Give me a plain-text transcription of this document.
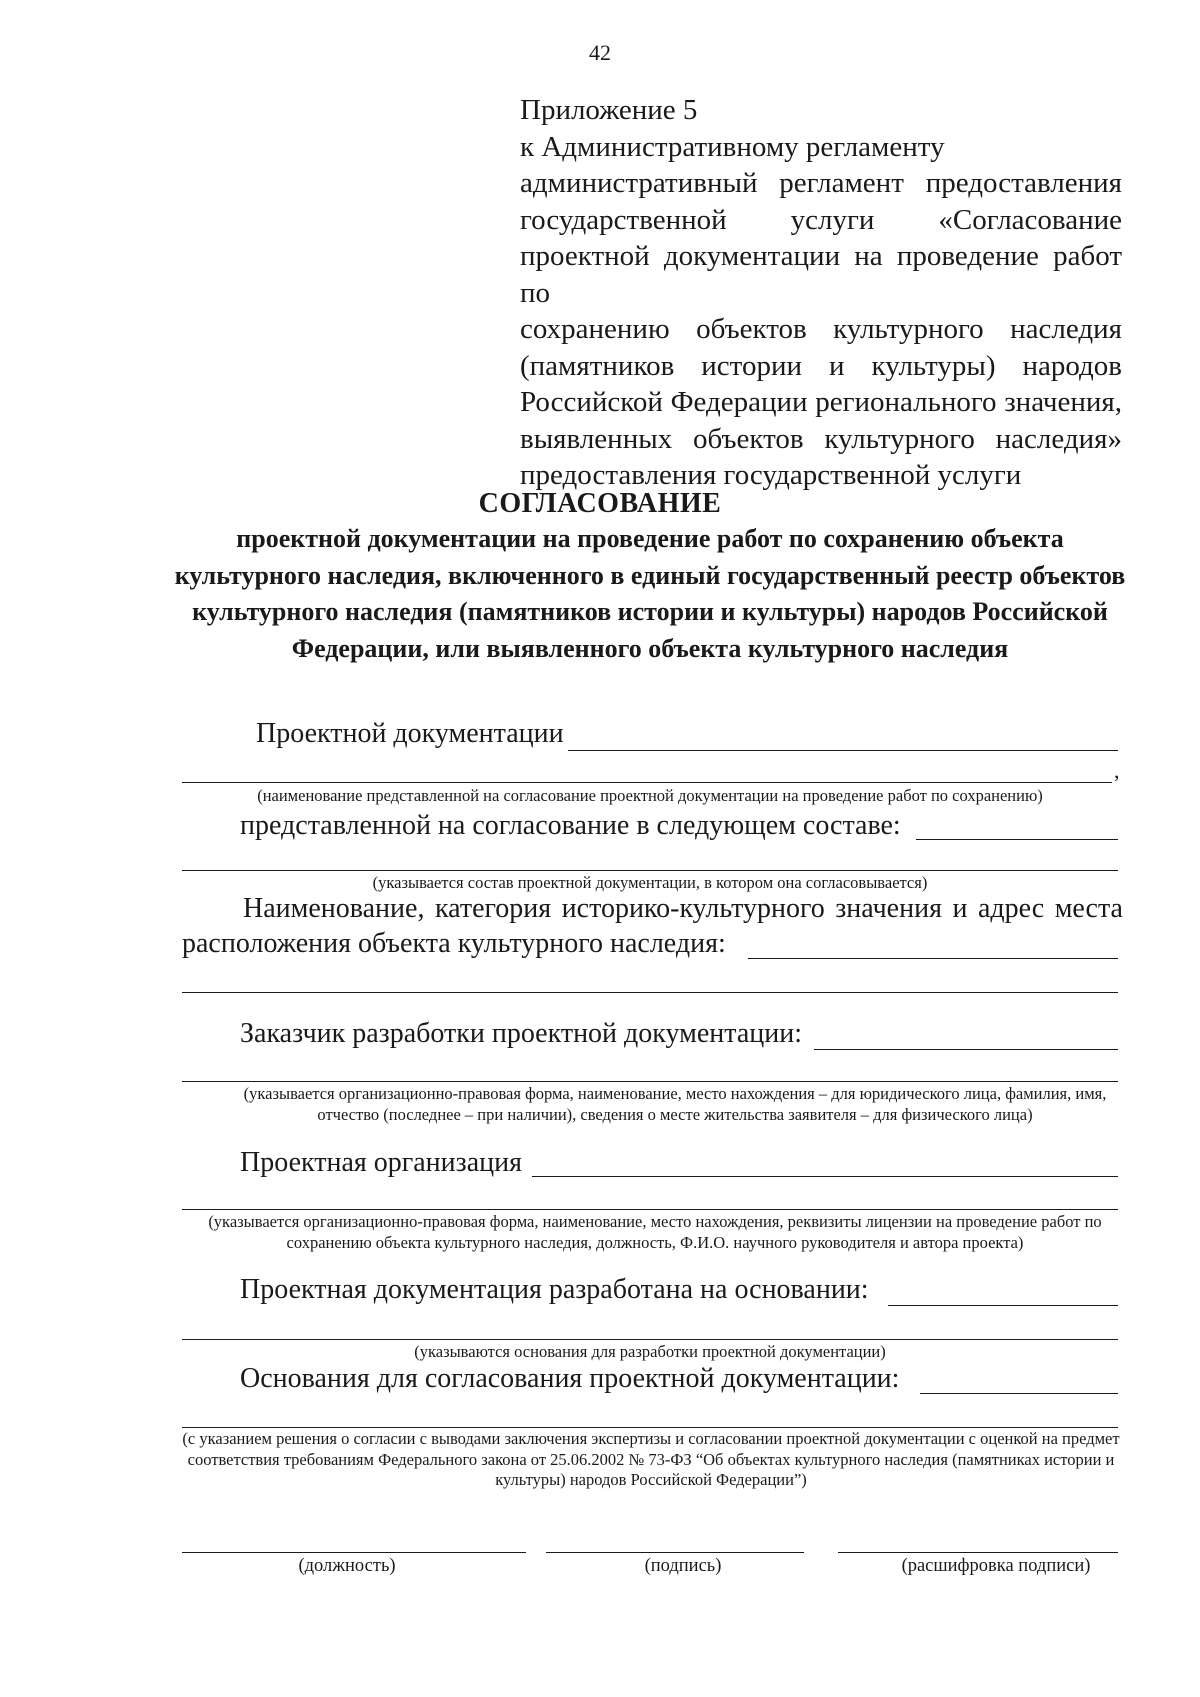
42
Приложение 5
к Административному регламенту
административный регламент предоставления
государственной услуги «Согласование
проектной документации на проведение работ по
сохранению объектов культурного наследия
(памятников истории и культуры) народов
Российской Федерации регионального значения,
выявленных объектов культурного наследия»
предоставления государственной услуги
СОГЛАСОВАНИЕ
проектной документации на проведение работ по сохранению объекта культурного наследия, включенного в единый государственный реестр объектов культурного наследия (памятников истории и культуры) народов Российской Федерации, или выявленного объекта культурного наследия
Проектной документации
,
(наименование представленной на согласование проектной документации на проведение работ по сохранению)
представленной на согласование в следующем составе:
(указывается состав проектной документации, в котором она согласовывается)
Наименование, категория историко-культурного значения и адрес места
расположения объекта культурного наследия:
Заказчик разработки проектной документации:
(указывается организационно-правовая форма, наименование, место нахождения – для юридического лица, фамилия, имя, отчество (последнее – при наличии), сведения о месте жительства заявителя – для физического лица)
Проектная организация
(указывается организационно-правовая форма, наименование, место нахождения, реквизиты лицензии на проведение работ по сохранению объекта культурного наследия, должность, Ф.И.О. научного руководителя и автора проекта)
Проектная документация разработана на основании:
(указываются основания для разработки проектной документации)
Основания для согласования проектной документации:
(с указанием решения о согласии с выводами заключения экспертизы и согласовании проектной документации с оценкой на предмет соответствия требованиям Федерального закона от 25.06.2002 № 73-ФЗ “Об объектах культурного наследия (памятниках истории и культуры) народов Российской Федерации”)
(должность)	(подпись)	(расшифровка подписи)
